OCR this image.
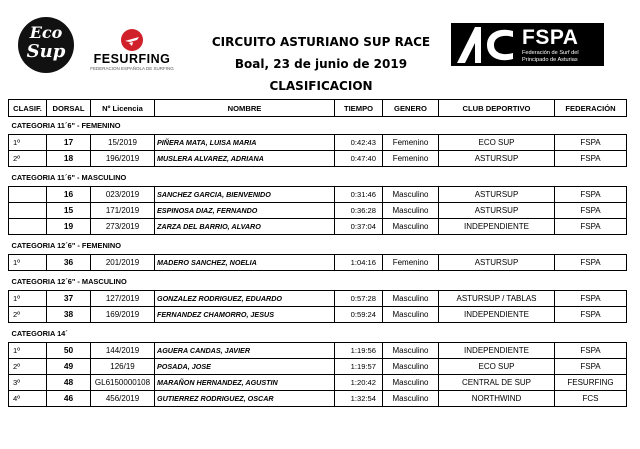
Eco
Sup	FESURFING
FEDERACION ESPAÑOLA DE SURFING
CIRCUITO ASTURIANO SUP RACE
Boal, 23 de junio de 2019
CLASIFICACION
FSPA
Federación de Surf del
Principado de Asturias
CLASIF.	DORSAL	Nº Licencia	NOMBRE	TIEMPO	GENERO	CLUB DEPORTIVO	FEDERACIÓN
CATEGORIA 11´6" - FEMENINO							
1º	17	15/2019	PIÑERA MATA, LUISA MARIA	0:42:43	Femenino	ECO SUP	FSPA
2º	18	196/2019	MUSLERA ALVAREZ, ADRIANA	0:47:40	Femenino	ASTURSUP	FSPA

CATEGORIA 11´6" - MASCULINO							
	16	023/2019	SANCHEZ GARCIA, BIENVENIDO	0:31:46	Masculino	ASTURSUP	FSPA
	15	171/2019	ESPINOSA DIAZ, FERNANDO	0:36:28	Masculino	ASTURSUP	FSPA
	19	273/2019	ZARZA DEL BARRIO, ALVARO	0:37:04	Masculino	INDEPENDIENTE	FSPA

CATEGORIA 12´6" - FEMENINO							
1º	36	201/2019	MADERO SANCHEZ, NOELIA	1:04:16	Femenino	ASTURSUP	FSPA

CATEGORIA 12´6" - MASCULINO							
1º	37	127/2019	GONZALEZ RODRIGUEZ, EDUARDO	0:57:28	Masculino	ASTURSUP / TABLAS	FSPA
2º	38	169/2019	FERNANDEZ CHAMORRO, JESUS	0:59:24	Masculino	INDEPENDIENTE	FSPA

CATEGORIA 14´							
1º	50	144/2019	AGUERA CANDAS, JAVIER	1:19:56	Masculino	INDEPENDIENTE	FSPA
2º	49	126/19	POSADA, JOSE	1:19:57	Masculino	ECO SUP	FSPA
3º	48	GL6150000108	MARAÑON HERNANDEZ, AGUSTIN	1:20:42	Masculino	CENTRAL DE SUP	FESURFING
4º	46	456/2019	GUTIERREZ RODRIGUEZ, OSCAR	1:32:54	Masculino	NORTHWIND	FCS
